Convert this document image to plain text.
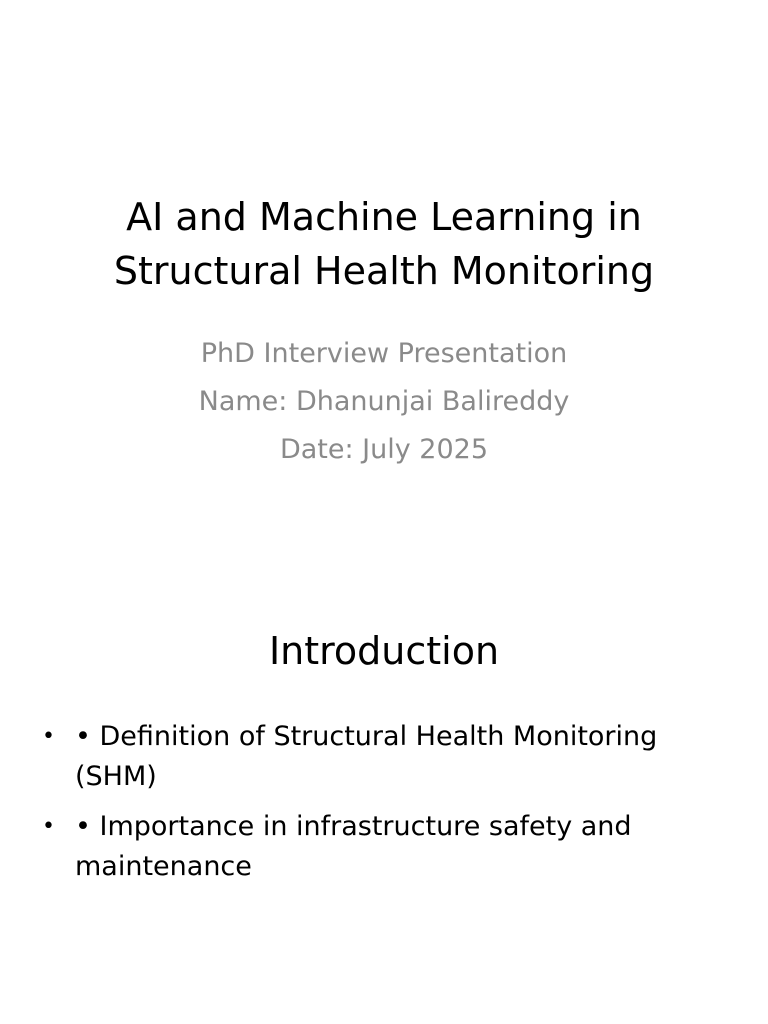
AI and Machine Learning in Structural Health Monitoring
PhD Interview Presentation
Name: Dhanunjai Balireddy
Date: July 2025
Introduction
• • Definition of Structural Health Monitoring (SHM)
• • Importance in infrastructure safety and maintenance
